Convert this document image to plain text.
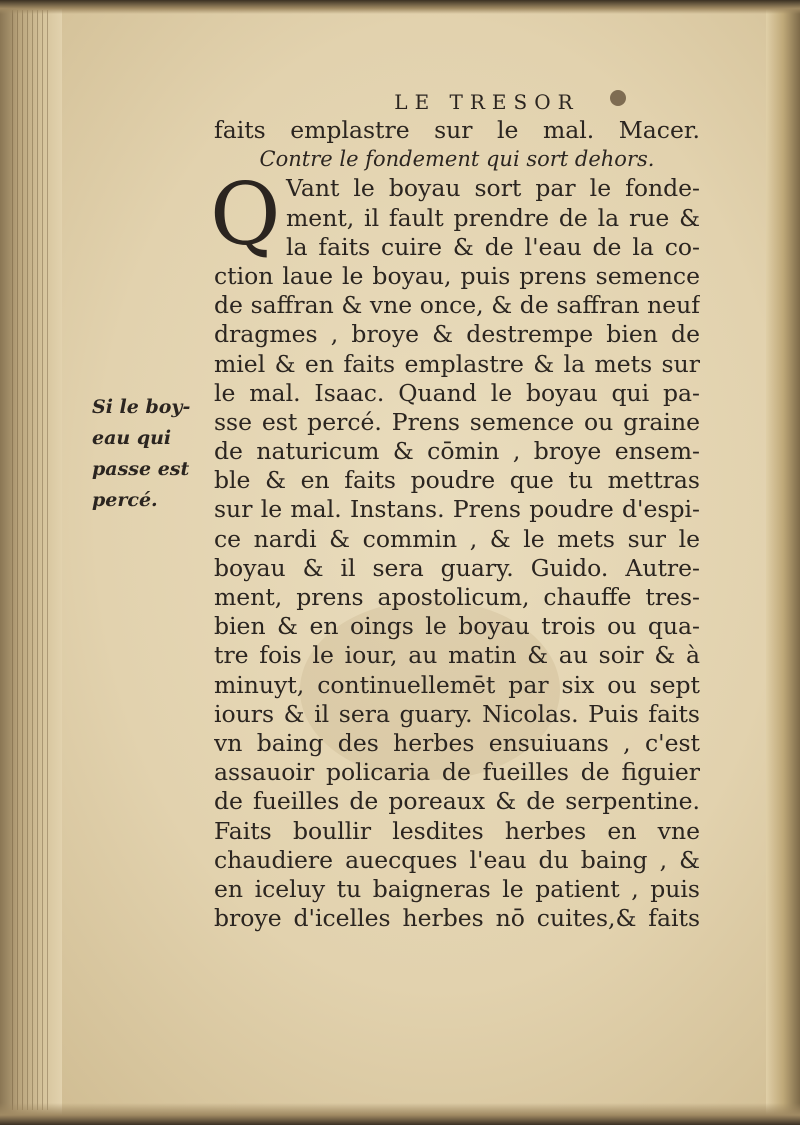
Si le boy-
eau qui
passe est
percé.
LE TRESOR
faits emplastre sur le mal. Macer.
Contre le fondement qui sort dehors.
Q Vant le boyau sort par le fonde-
ment, il fault prendre de la rue &
la faits cuire & de l'eau de la co-
ction laue le boyau, puis prens semence
de saffran & vne once, & de saffran neuf
dragmes , broye & destrempe bien de
miel & en faits emplastre & la mets sur
le mal. Isaac. Quand le boyau qui pa-
sse est percé. Prens semence ou graine
de naturicum & cōmin , broye ensem-
ble & en faits poudre que tu mettras
sur le mal. Instans. Prens poudre d'espi-
ce nardi & commin , & le mets sur le
boyau & il sera guary. Guido. Autre-
ment, prens apostolicum, chauffe tres-
bien & en oings le boyau trois ou qua-
tre fois le iour, au matin & au soir & à
minuyt, continuellemēt par six ou sept
iours & il sera guary. Nicolas. Puis faits
vn baing des herbes ensuiuans , c'est
assauoir policaria de fueilles de figuier
de fueilles de poreaux & de serpentine.
Faits boullir lesdites herbes en vne
chaudiere auecques l'eau du baing , &
en iceluy tu baigneras le patient , puis
broye d'icelles herbes nō cuites,& faits
